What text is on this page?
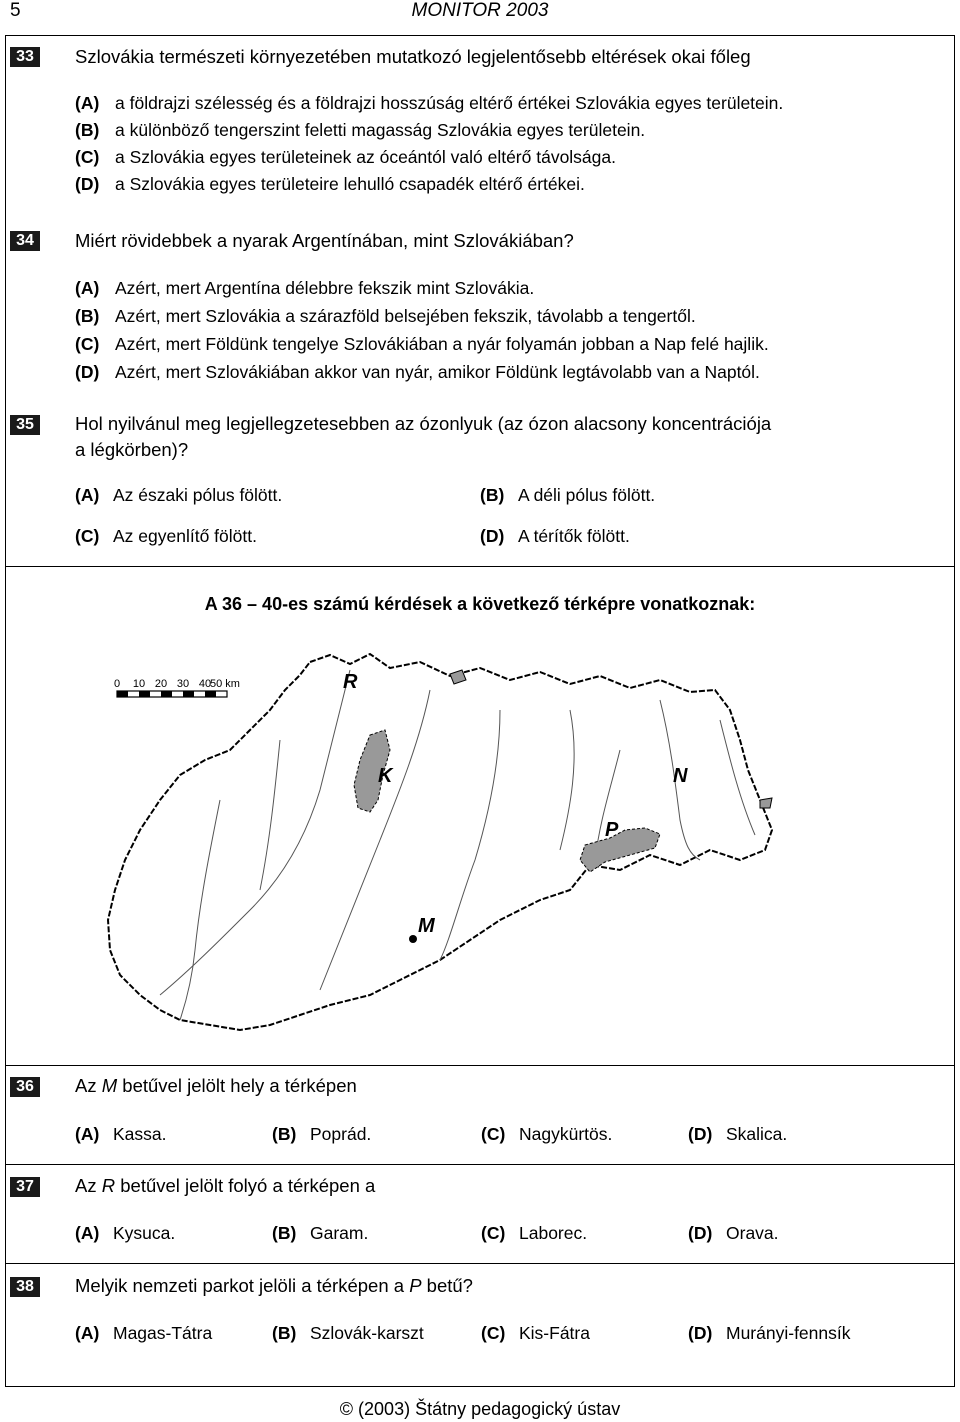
5	MONITOR 2003
33	Szlovákia természeti környezetében mutatkozó legjelentősebb eltérések okai főleg
(A) a földrajzi szélesség és a földrajzi hosszúság eltérő értékei Szlovákia egyes területein.
(B) a különböző tengerszint feletti magasság Szlovákia egyes területein.
(C) a Szlovákia egyes területeinek az óceántól való eltérő távolsága.
(D) a Szlovákia egyes területeire lehulló csapadék eltérő értékei.
34	Miért rövidebbek a nyarak Argentínában, mint Szlovákiában?
(A) Azért, mert Argentína délebbre fekszik mint Szlovákia.
(B) Azért, mert Szlovákia a szárazföld belsejében fekszik, távolabb a tengertől.
(C) Azért, mert Földünk tengelye Szlovákiában a nyár folyamán jobban a Nap felé hajlik.
(D) Azért, mert Szlovákiában akkor van nyár, amikor Földünk legtávolabb van a Naptól.
35	Hol nyilvánul meg legjellegzetesebben az ózonlyuk (az ózon alacsony koncentrációja
a légkörben)?
(A) Az északi pólus fölött.	(B) A déli pólus fölött.
(C) Az egyenlítő fölött.	(D) A térítők fölött.
A 36 – 40-es számú kérdések a következő térképre vonatkoznak:
0 10 20 30 40
50 km	R
K	N
P
M
36	Az M betűvel jelölt hely a térképen
(A) Kassa.	(B) Poprád.	(C) Nagykürtös.	(D) Skalica.
37	Az R betűvel jelölt folyó a térképen a
(A) Kysuca.	(B) Garam.	(C) Laborec.	(D) Orava.
38	Melyik nemzeti parkot jelöli a térképen a P betű?
(A) Magas-Tátra	(B) Szlovák-karszt	(C) Kis-Fátra	(D) Murányi-fennsík
© (2003) Štátny pedagogický ústav
